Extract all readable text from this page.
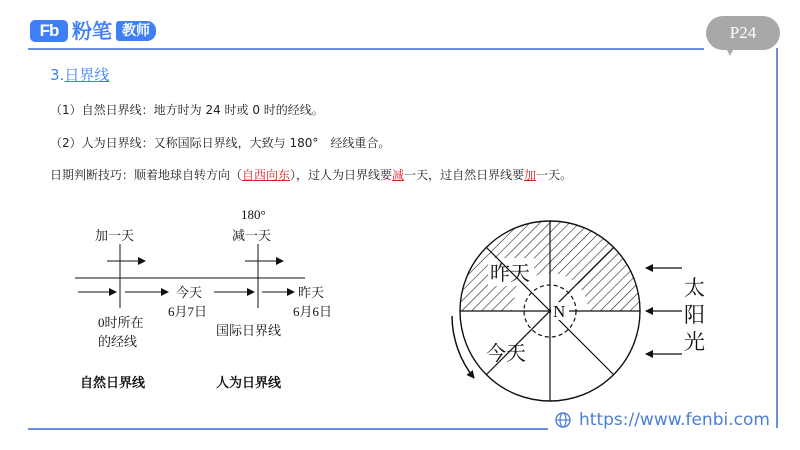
Fb 粉笔 教师	P24
3.日界线
（1）自然日界线：地方时为 24 时或 0 时的经线。
（2）人为日界线：又称国际日界线，大致与 180°　经线重合。
日期判断技巧：顺着地球自转方向（自西向东），过人为日界线要减一天，过自然日界线要加一天。
加一天
180°
减一天
今天
6月7日
昨天
6月6日
0时所在
的经线
国际日界线
N
昨天
今天
太
阳
光
自然日界线	人为日界线
https://www.fenbi.com
